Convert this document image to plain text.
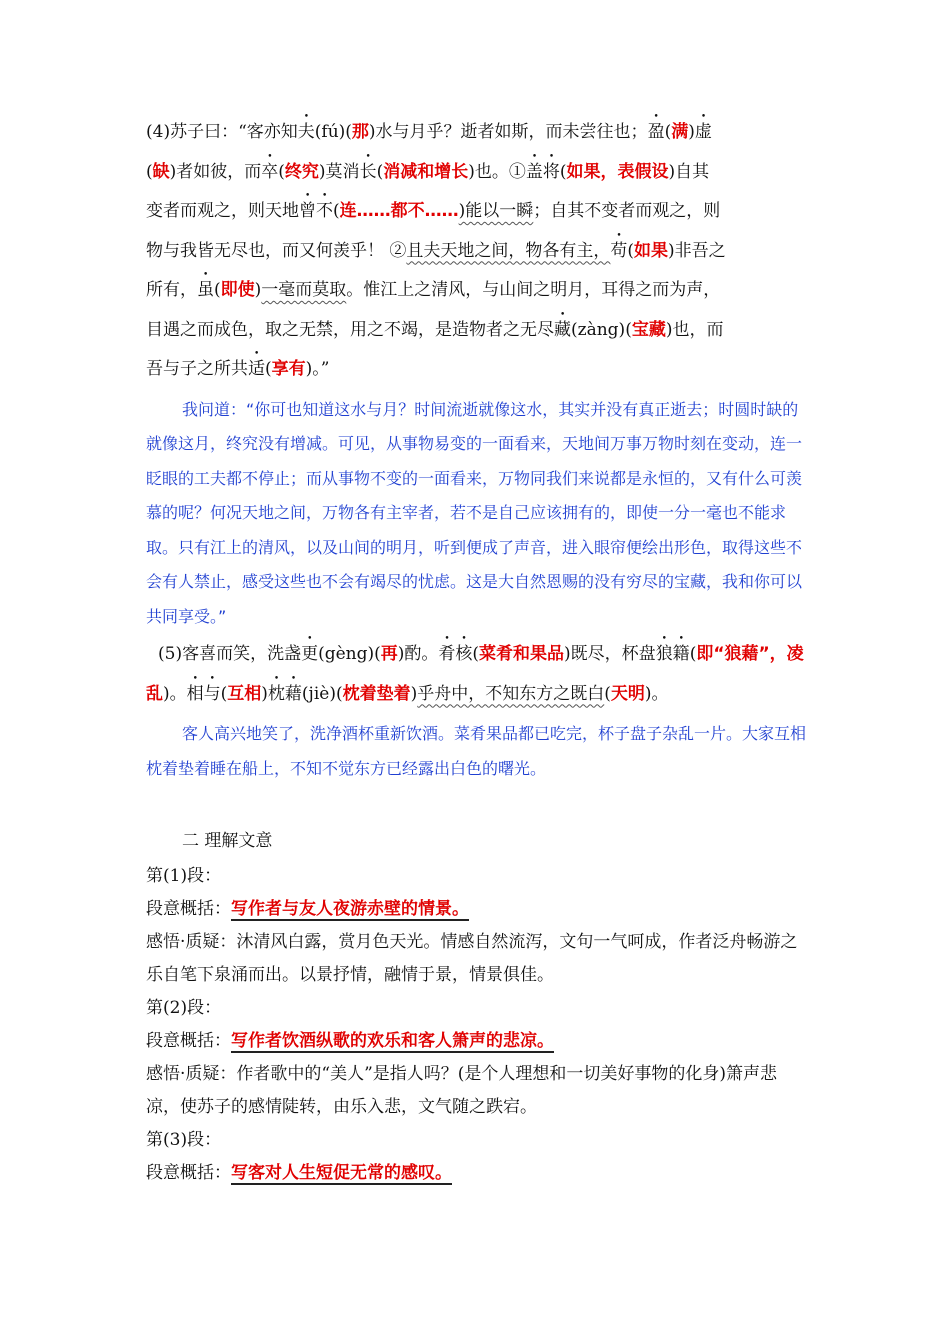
(4)苏子曰：“客亦知夫(fú)(那)水与月乎？逝者如斯，而未尝往也；盈(满)虚
(缺)者如彼，而卒(终究)莫消长(消减和增长)也。①盖将(如果，表假设)自其
变者而观之，则天地曾不(连……都不……)能以一瞬；自其不变者而观之，则
物与我皆无尽也，而又何羡乎！ ②且夫天地之间，物各有主，苟(如果)非吾之
所有，虽(即使)一毫而莫取。惟江上之清风，与山间之明月，耳得之而为声，
目遇之而成色，取之无禁，用之不竭，是造物者之无尽藏(zàng)(宝藏)也，而
吾与子之所共适(享有)。”

我问道：“你可也知道这水与月？时间流逝就像这水，其实并没有真正逝去；时圆时缺的就像这月，终究没有增减。可见，从事物易变的一面看来，天地间万事万物时刻在变动，连一眨眼的工夫都不停止；而从事物不变的一面看来，万物同我们来说都是永恒的，又有什么可羡慕的呢？何况天地之间，万物各有主宰者，若不是自己应该拥有的，即使一分一毫也不能求取。只有江上的清风，以及山间的明月，听到便成了声音，进入眼帘便绘出形色，取得这些不会有人禁止，感受这些也不会有竭尽的忧虑。这是大自然恩赐的没有穷尽的宝藏，我和你可以共同享受。”

(5)客喜而笑，洗盏更(gèng)(再)酌。肴核(菜肴和果品)既尽，杯盘狼籍(即“狼藉”，凌乱)。相与(互相)枕藉(jiè)(枕着垫着)乎舟中，不知东方之既白(天明)。

客人高兴地笑了，洗净酒杯重新饮酒。菜肴果品都已吃完，杯子盘子杂乱一片。大家互相枕着垫着睡在船上，不知不觉东方已经露出白色的曙光。

二 理解文意

第(1)段：

段意概括：写作者与友人夜游赤壁的情景。

感悟·质疑：沐清风白露，赏月色天光。情感自然流泻，文句一气呵成，作者泛舟畅游之乐自笔下泉涌而出。以景抒情，融情于景，情景俱佳。

第(2)段：

段意概括：写作者饮酒纵歌的欢乐和客人箫声的悲凉。

感悟·质疑：作者歌中的“美人”是指人吗？(是个人理想和一切美好事物的化身)箫声悲凉，使苏子的感情陡转，由乐入悲，文气随之跌宕。

第(3)段：

段意概括：写客对人生短促无常的感叹。
